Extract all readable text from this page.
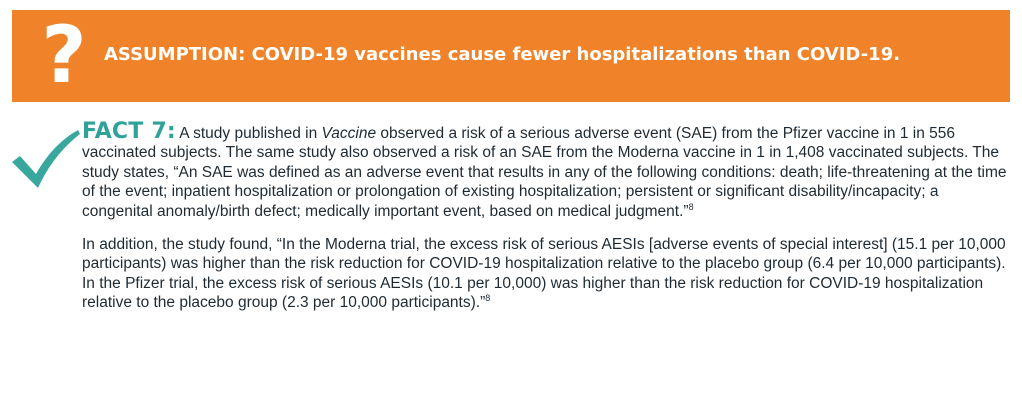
? ASSUMPTION: COVID-19 vaccines cause fewer hospitalizations than COVID-19.
FACT 7: A study published in Vaccine observed a risk of a serious adverse event (SAE) from the Pfizer vaccine in 1 in 556 vaccinated subjects. The same study also observed a risk of an SAE from the Moderna vaccine in 1 in 1,408 vaccinated subjects. The study states, “An SAE was defined as an adverse event that results in any of the following conditions: death; life-threatening at the time of the event; inpatient hospitalization or prolongation of existing hospitalization; persistent or significant disability/incapacity; a congenital anomaly/birth defect; medically important event, based on medical judgment.”$^8$
In addition, the study found, “In the Moderna trial, the excess risk of serious AESIs [adverse events of special interest] (15.1 per 10,000 participants) was higher than the risk reduction for COVID-19 hospitalization relative to the placebo group (6.4 per 10,000 participants). In the Pfizer trial, the excess risk of serious AESIs (10.1 per 10,000) was higher than the risk reduction for COVID-19 hospitalization relative to the placebo group (2.3 per 10,000 participants).”$^8$
